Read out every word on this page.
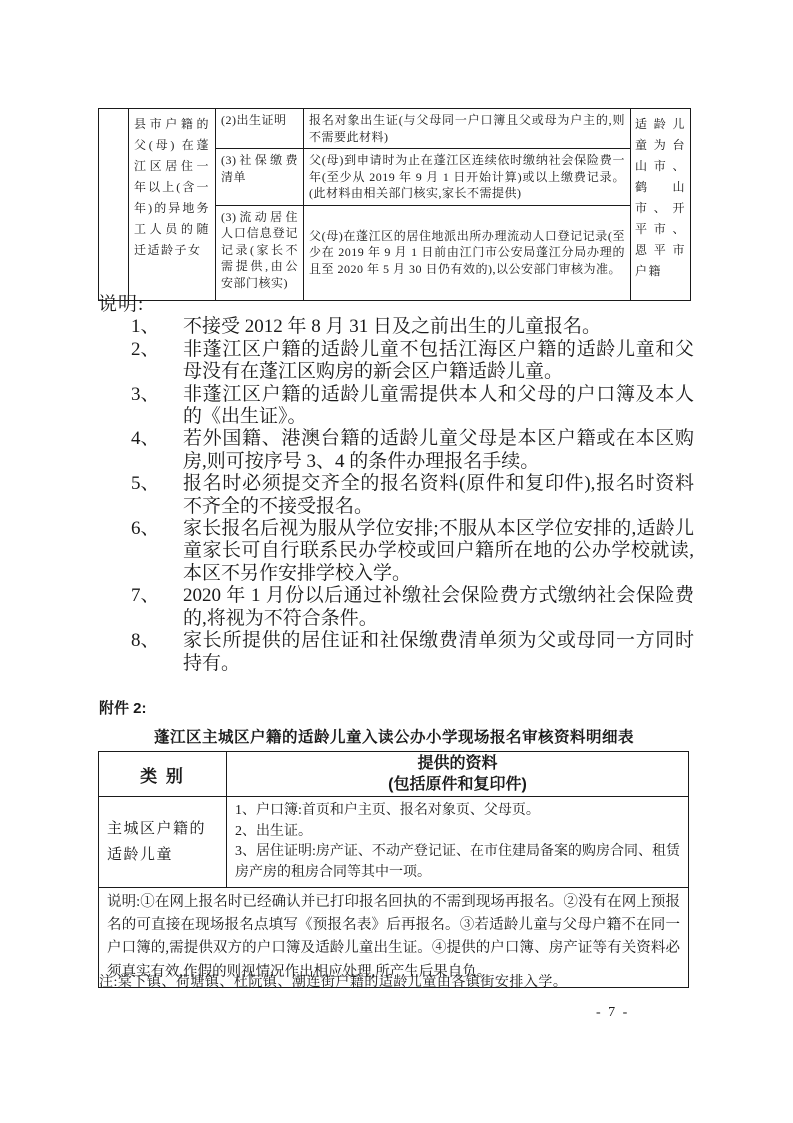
	县市户籍的父(母) 在蓬江区居住一年以上(含一年)的异地务工人员的随迁适龄子女	(2)出生证明	报名对象出生证(与父母同一户口簿且父或母为户主的,则不需要此材料)	适龄儿童为台山市、鹤山市、开平市、恩平市户籍
		(3)社保缴费清单	父(母)到申请时为止在蓬江区连续依时缴纳社会保险费一年(至少从 2019 年 9 月 1 日开始计算)或以上缴费记录。(此材料由相关部门核实,家长不需提供)	
		(3)流动居住人口信息登记记录(家长不需提供,由公安部门核实)	父(母)在蓬江区的居住地派出所办理流动人口登记记录(至少在 2019 年 9 月 1 日前由江门市公安局蓬江分局办理的且至 2020 年 5 月 30 日仍有效的),以公安部门审核为准。	
说明:
1、	不接受 2012 年 8 月 31 日及之前出生的儿童报名。
2、	非蓬江区户籍的适龄儿童不包括江海区户籍的适龄儿童和父母没有在蓬江区购房的新会区户籍适龄儿童。
3、	非蓬江区户籍的适龄儿童需提供本人和父母的户口簿及本人的《出生证》。
4、	若外国籍、港澳台籍的适龄儿童父母是本区户籍或在本区购房,则可按序号 3、4 的条件办理报名手续。
5、	报名时必须提交齐全的报名资料(原件和复印件),报名时资料不齐全的不接受报名。
6、	家长报名后视为服从学位安排;不服从本区学位安排的,适龄儿童家长可自行联系民办学校或回户籍所在地的公办学校就读,本区不另作安排学校入学。
7、	2020 年 1 月份以后通过补缴社会保险费方式缴纳社会保险费的,将视为不符合条件。
8、	家长所提供的居住证和社保缴费清单须为父或母同一方同时持有。
附件 2:
蓬江区主城区户籍的适龄儿童入读公办小学现场报名审核资料明细表
类 别	提供的资料
(包括原件和复印件)

主城区户籍的适龄儿童	1、户口簿:首页和户主页、报名对象页、父母页。
2、出生证。
3、居住证明:房产证、不动产登记证、在市住建局备案的购房合同、租赁房产房的租房合同等其中一项。

说明:①在网上报名时已经确认并已打印报名回执的不需到现场再报名。②没有在网上预报名的可直接在现场报名点填写《预报名表》后再报名。③若适龄儿童与父母户籍不在同一户口簿的,需提供双方的户口簿及适龄儿童出生证。④提供的户口簿、房产证等有关资料必须真实有效,作假的则视情况作出相应处理,所产生后果自负。	
注:棠下镇、荷塘镇、杜阮镇、潮连街户籍的适龄儿童由各镇街安排入学。
- 7 -
